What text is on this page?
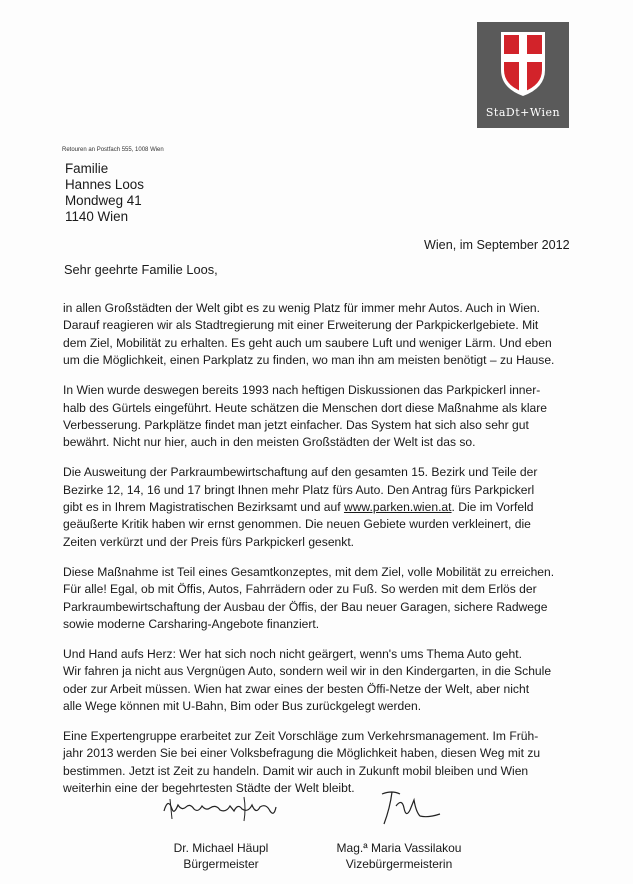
StaDt+Wien
Retouren an Postfach 555, 1008 Wien
Familie
Hannes Loos
Mondweg 41
1140 Wien
Wien, im September 2012
Sehr geehrte Familie Loos,

in allen Großstädten der Welt gibt es zu wenig Platz für immer mehr Autos. Auch in Wien.
Darauf reagieren wir als Stadtregierung mit einer Erweiterung der Parkpickerlgebiete. Mit
dem Ziel, Mobilität zu erhalten. Es geht auch um saubere Luft und weniger Lärm. Und eben
um die Möglichkeit, einen Parkplatz zu finden, wo man ihn am meisten benötigt – zu Hause.

In Wien wurde deswegen bereits 1993 nach heftigen Diskussionen das Parkpickerl inner-
halb des Gürtels eingeführt. Heute schätzen die Menschen dort diese Maßnahme als klare
Verbesserung. Parkplätze findet man jetzt einfacher. Das System hat sich also sehr gut
bewährt. Nicht nur hier, auch in den meisten Großstädten der Welt ist das so.

Die Ausweitung der Parkraumbewirtschaftung auf den gesamten 15. Bezirk und Teile der
Bezirke 12, 14, 16 und 17 bringt Ihnen mehr Platz fürs Auto. Den Antrag fürs Parkpickerl
gibt es in Ihrem Magistratischen Bezirksamt und auf www.parken.wien.at. Die im Vorfeld
geäußerte Kritik haben wir ernst genommen. Die neuen Gebiete wurden verkleinert, die
Zeiten verkürzt und der Preis fürs Parkpickerl gesenkt.

Diese Maßnahme ist Teil eines Gesamtkonzeptes, mit dem Ziel, volle Mobilität zu erreichen.
Für alle! Egal, ob mit Öffis, Autos, Fahrrädern oder zu Fuß. So werden mit dem Erlös der
Parkraumbewirtschaftung der Ausbau der Öffis, der Bau neuer Garagen, sichere Radwege
sowie moderne Carsharing-Angebote finanziert.

Und Hand aufs Herz: Wer hat sich noch nicht geärgert, wenn's ums Thema Auto geht.
Wir fahren ja nicht aus Vergnügen Auto, sondern weil wir in den Kindergarten, in die Schule
oder zur Arbeit müssen. Wien hat zwar eines der besten Öffi-Netze der Welt, aber nicht
alle Wege können mit U-Bahn, Bim oder Bus zurückgelegt werden.

Eine Expertengruppe erarbeitet zur Zeit Vorschläge zum Verkehrsmanagement. Im Früh-
jahr 2013 werden Sie bei einer Volksbefragung die Möglichkeit haben, diesen Weg mit zu
bestimmen. Jetzt ist Zeit zu handeln. Damit wir auch in Zukunft mobil bleiben und Wien
weiterhin eine der begehrtesten Städte der Welt bleibt.

Dr. Michael Häupl
Bürgermeister
Mag.ª Maria Vassilakou
Vizebürgermeisterin
